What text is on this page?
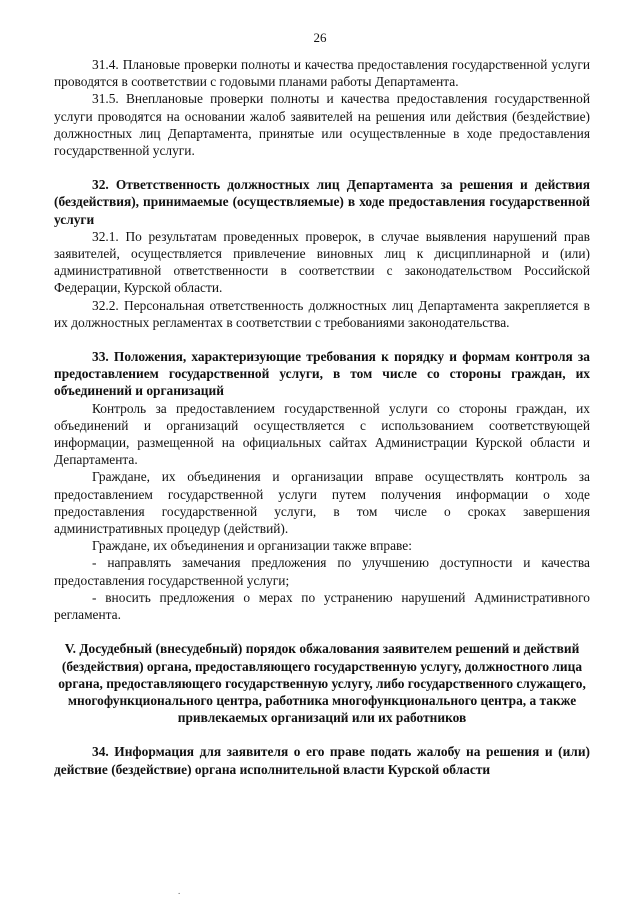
26

31.4. Плановые проверки полноты и качества предоставления государственной услуги проводятся в соответствии с годовыми планами работы Департамента.

31.5. Внеплановые проверки полноты и качества предоставления государственной услуги проводятся на основании жалоб заявителей на решения или действия (бездействие) должностных лиц Департамента, принятые или осуществленные в ходе предоставления государственной услуги.

32. Ответственность должностных лиц Департамента за решения и действия (бездействия), принимаемые (осуществляемые) в ходе предоставления государственной услуги

32.1. По результатам проведенных проверок, в случае выявления нарушений прав заявителей, осуществляется привлечение виновных лиц к дисциплинарной и (или) административной ответственности в соответствии с законодательством Российской Федерации, Курской области.

32.2. Персональная ответственность должностных лиц Департамента закрепляется в их должностных регламентах в соответствии с требованиями законодательства.

33. Положения, характеризующие требования к порядку и формам контроля за предоставлением государственной услуги, в том числе со стороны граждан, их объединений и организаций

Контроль за предоставлением государственной услуги со стороны граждан, их объединений и организаций осуществляется с использованием соответствующей информации, размещенной на официальных сайтах Администрации Курской области и Департамента.

Граждане, их объединения и организации вправе осуществлять контроль за предоставлением государственной услуги путем получения информации о ходе предоставления государственной услуги, в том числе о сроках завершения административных процедур (действий).

Граждане, их объединения и организации также вправе:

- направлять замечания предложения по улучшению доступности и качества предоставления государственной услуги;

- вносить предложения о мерах по устранению нарушений Административного регламента.

V. Досудебный (внесудебный) порядок обжалования заявителем решений и действий (бездействия) органа, предоставляющего государственную услугу, должностного лица органа, предоставляющего государственную услугу, либо государственного служащего, многофункционального центра, работника многофункционального центра, а также привлекаемых организаций или их работников

34. Информация для заявителя о его праве подать жалобу на решения и (или) действие (бездействие) органа исполнительной власти Курской области

.
